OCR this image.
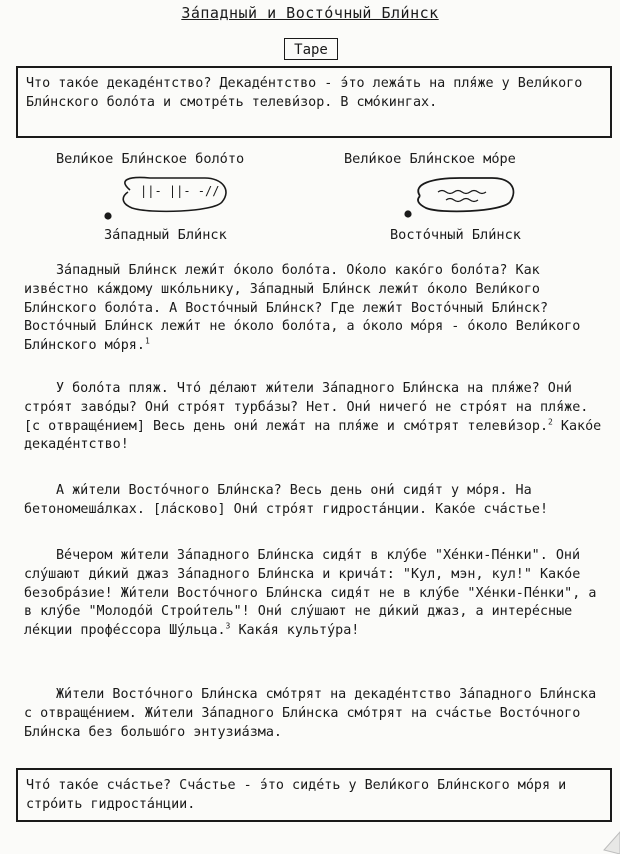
За́падный и Восто́чный Бли́нск
Tape
Что тако́е декаде́нтство? Декаде́нтство - э́то лежа́ть на пля́же у Вели́кого Бли́нского боло́та и смотре́ть телеви́зор. В смо́кингах.
Вели́кое Бли́нское боло́то	Вели́кое Бли́нское мо́ре
||- ||- -//
За́падный Бли́нск	Восто́чный Бли́нск

За́падный Бли́нск лежи́т о́коло боло́та. О́коло како́го боло́та? Как изве́стно ка́ждому шко́льнику, За́падный Бли́нск лежи́т о́коло Вели́кого Бли́нского боло́та. А Восто́чный Бли́нск? Где лежи́т Восто́чный Бли́нск? Восто́чный Бли́нск лежи́т не о́коло боло́та, а о́коло мо́ря - о́коло Вели́кого Бли́нского мо́ря.$^1$

У боло́та пляж. Что́ де́лают жи́тели За́падного Бли́нска на пля́же? Они́ стро́ят заво́ды? Они́ стро́ят турба́зы? Нет. Они́ ничего́ не стро́ят на пля́же. [с отвраще́нием] Весь день они́ лежа́т на пля́же и смо́трят телеви́зор.$^2$ Како́е декаде́нтство!

А жи́тели Восто́чного Бли́нска? Весь день они́ сидя́т у мо́ря. На бетономеша́лках. [ла́сково] Они́ стро́ят гидроста́нции. Како́е сча́стье!

Ве́чером жи́тели За́падного Бли́нска сидя́т в клу́бе "Хе́нки-Пе́нки". Они́ слу́шают ди́кий джаз За́падного Бли́нска и крича́т: "Кул, мэн, кул!" Како́е безобра́зие! Жи́тели Восто́чного Бли́нска сидя́т не в клу́бе "Хе́нки-Пе́нки", а в клу́бе "Молодо́й Строи́тель"! Они́ слу́шают не ди́кий джаз, а интере́сные ле́кции профе́ссора Шу́льца.$^3$ Кака́я культу́ра!

Жи́тели Восто́чного Бли́нска смо́трят на декаде́нтство За́падного Бли́нска с отвраще́нием. Жи́тели За́падного Бли́нска смо́трят на сча́стье Восто́чного Бли́нска без большо́го энтузиа́зма.

Что́ тако́е сча́стье? Сча́стье - э́то сиде́ть у Вели́кого Бли́нского мо́ря и стро́ить гидроста́нции.
